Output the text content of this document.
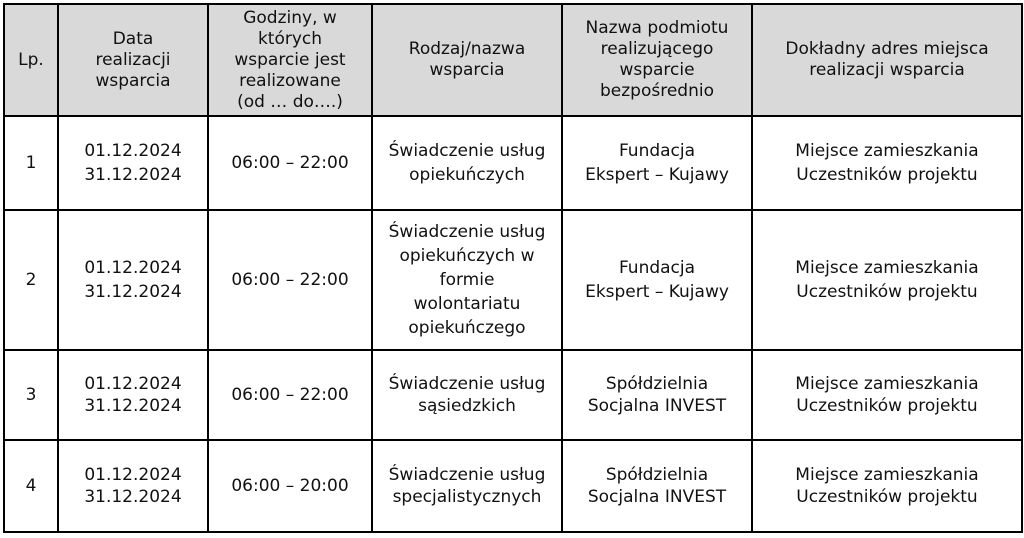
Lp.	Data
realizacji
wsparcia	Godziny, w
których
wsparcie jest
realizowane
(od … do….)	Rodzaj/nazwa
wsparcia	Nazwa podmiotu
realizującego
wsparcie
bezpośrednio	Dokładny adres miejsca
realizacji wsparcia
1	01.12.2024
31.12.2024	06:00 – 22:00	Świadczenie usług
opiekuńczych	Fundacja
Ekspert – Kujawy	Miejsce zamieszkania
Uczestników projektu
2	01.12.2024
31.12.2024	06:00 – 22:00	Świadczenie usług
opiekuńczych w
formie
wolontariatu
opiekuńczego	Fundacja
Ekspert – Kujawy	Miejsce zamieszkania
Uczestników projektu
3	01.12.2024
31.12.2024	06:00 – 22:00	Świadczenie usług
sąsiedzkich	Spółdzielnia
Socjalna INVEST	Miejsce zamieszkania
Uczestników projektu
4	01.12.2024
31.12.2024	06:00 – 20:00	Świadczenie usług
specjalistycznych	Spółdzielnia
Socjalna INVEST	Miejsce zamieszkania
Uczestników projektu
